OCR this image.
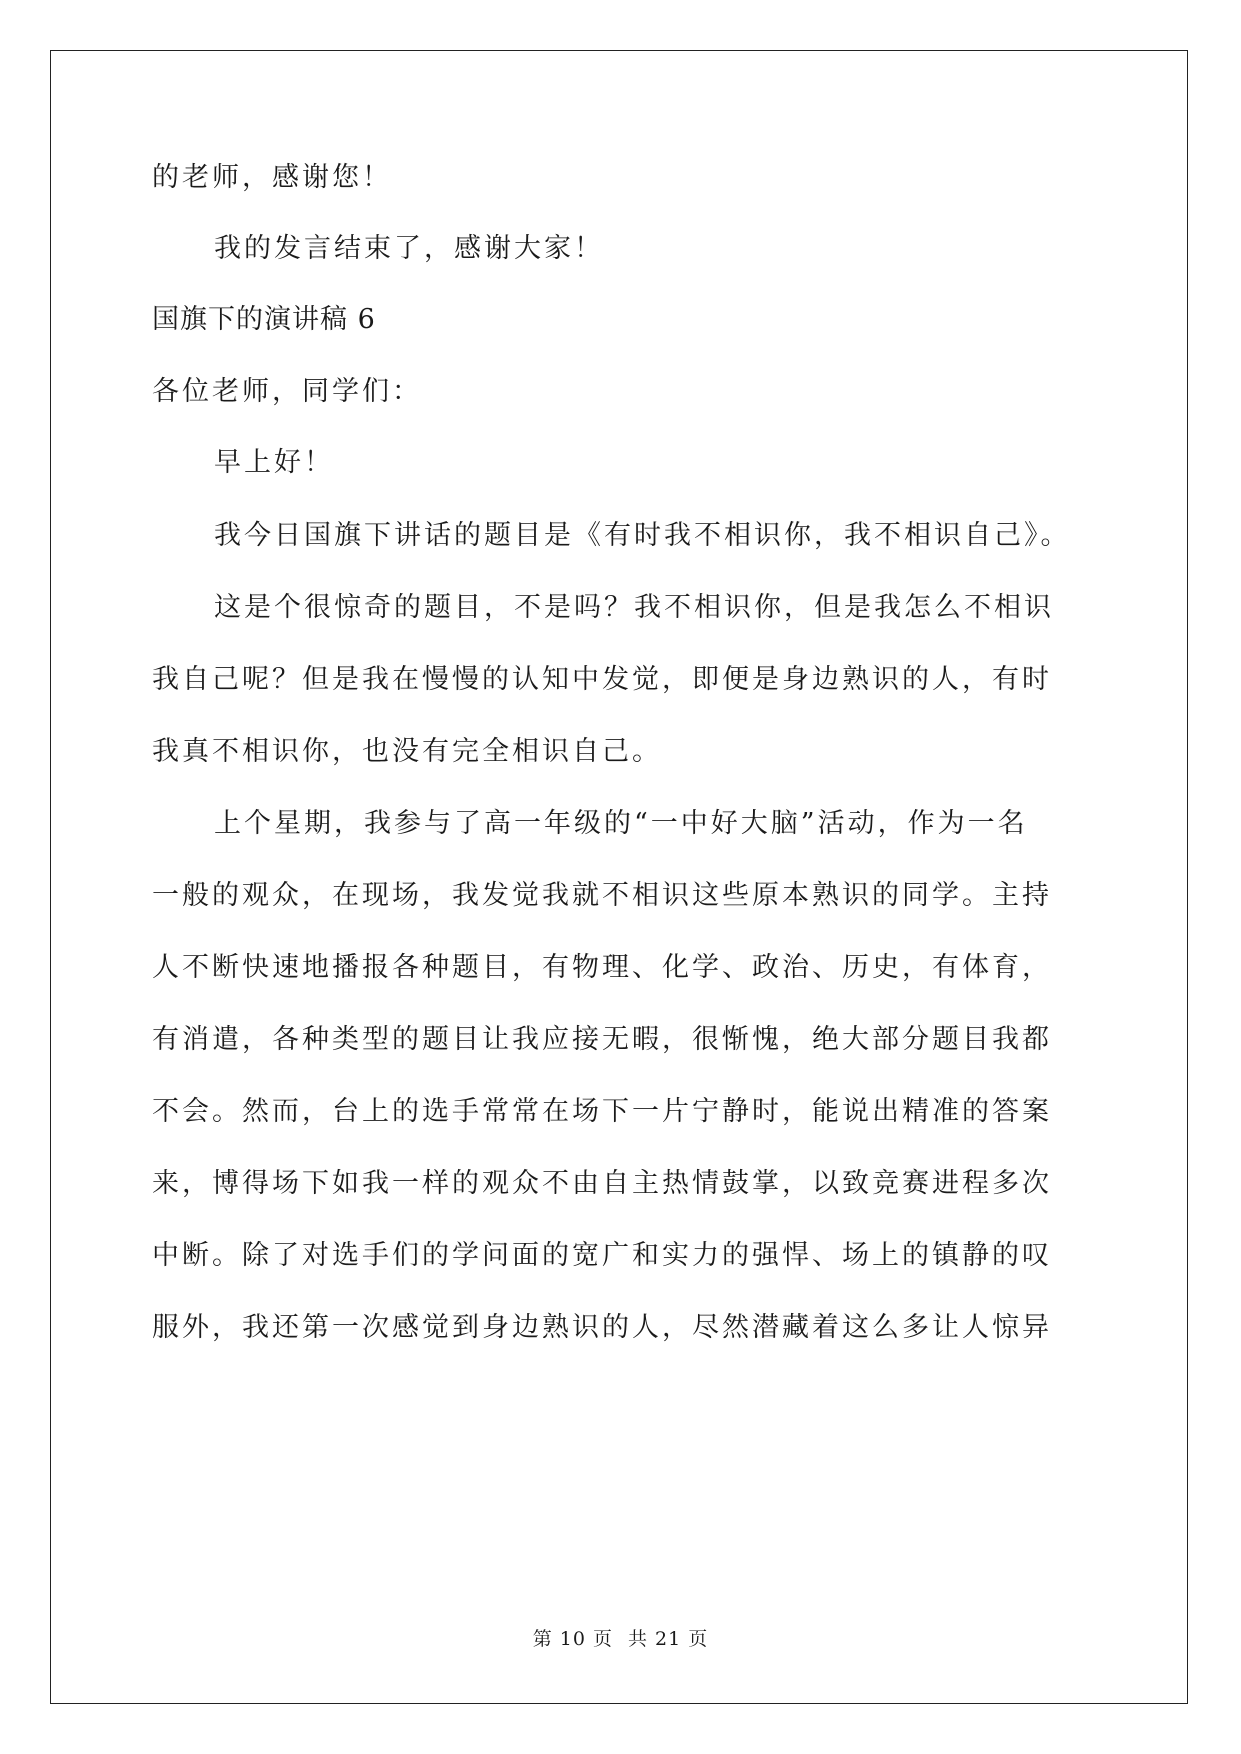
的老师，感谢您！
我的发言结束了，感谢大家！
国旗下的演讲稿 6
各位老师，同学们：
早上好！
我今日国旗下讲话的题目是《有时我不相识你，我不相识自己》。
这是个很惊奇的题目，不是吗？我不相识你，但是我怎么不相识
我自己呢？但是我在慢慢的认知中发觉，即便是身边熟识的人，有时
我真不相识你，也没有完全相识自己。
上个星期，我参与了高一年级的“一中好大脑”活动，作为一名
一般的观众，在现场，我发觉我就不相识这些原本熟识的同学。主持
人不断快速地播报各种题目，有物理、化学、政治、历史，有体育，
有消遣，各种类型的题目让我应接无暇，很惭愧，绝大部分题目我都
不会。然而，台上的选手常常在场下一片宁静时，能说出精准的答案
来，博得场下如我一样的观众不由自主热情鼓掌，以致竞赛进程多次
中断。除了对选手们的学问面的宽广和实力的强悍、场上的镇静的叹
服外，我还第一次感觉到身边熟识的人，尽然潜藏着这么多让人惊异
第 10 页 共 21 页
